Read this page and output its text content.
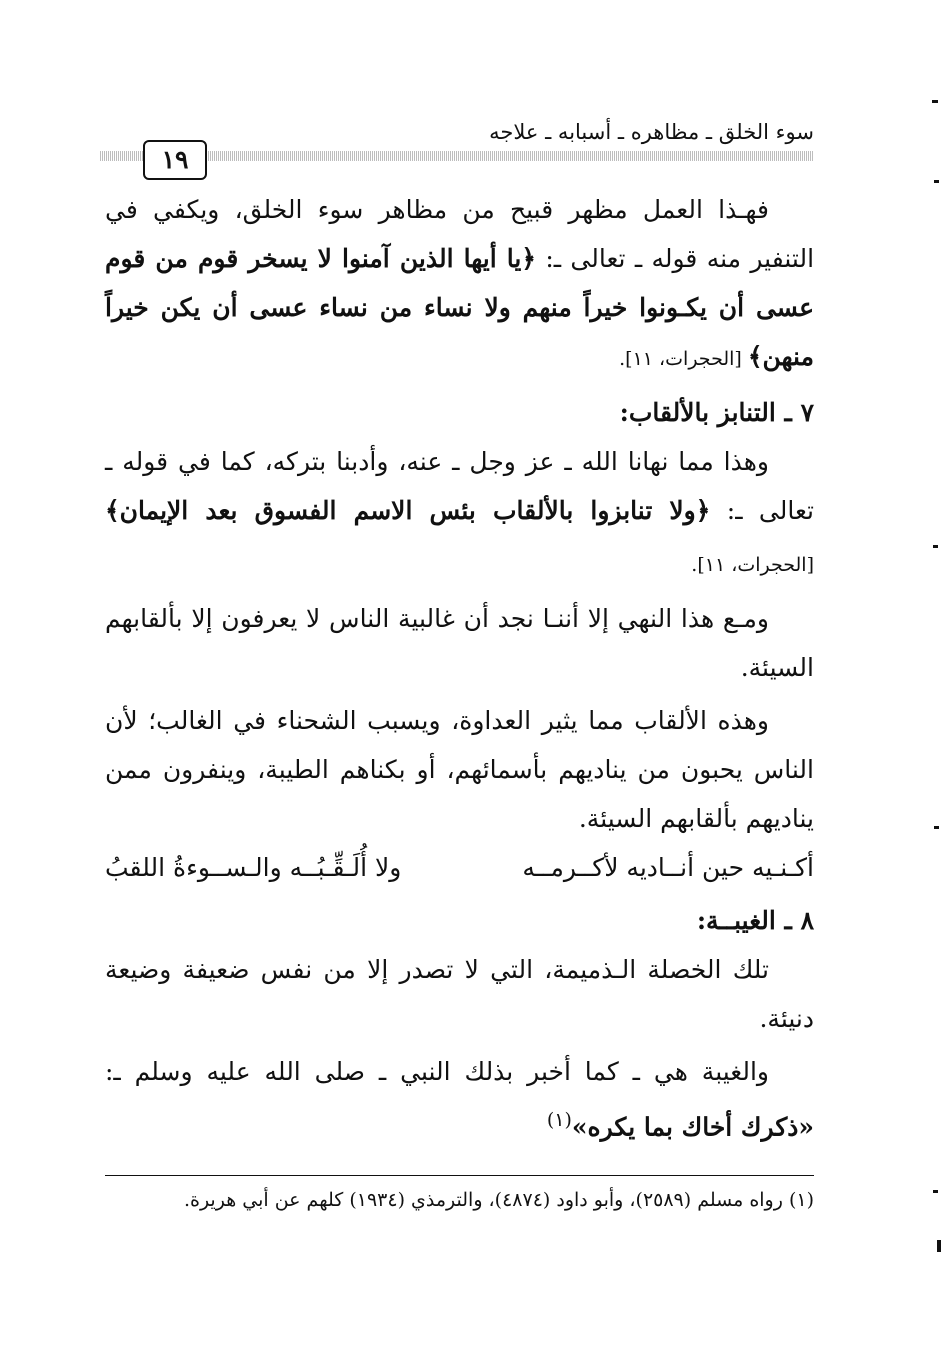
سوء الخلق ـ مظاهره ـ أسبابه ـ علاجه
١٩

فهـذا العمل مظهر قبيح من مظاهر سوء الخلق، ويكفي في التنفير منه قوله ـ تعالى ـ: ﴿يا أيها الذين آمنوا لا يسخر قوم من قوم عسى أن يكـونوا خيراً منهم ولا نساء من نساء عسى أن يكن خيراً منهن﴾ [الحجرات، ١١].

٧ ـ التنابز بالألقاب:

وهذا مما نهانا الله ـ عز وجل ـ عنه، وأدبنا بتركه، كما في قوله ـ تعالى ـ: ﴿ولا تنابزوا بالألقاب بئس الاسم الفسوق بعد الإيمان﴾ [الحجرات، ١١].

ومـع هذا النهي إلا أننـا نجد أن غالبية الناس لا يعرفون إلا بألقابهم السيئة.

وهذه الألقاب مما يثير العداوة، ويسبب الشحناء في الغالب؛ لأن الناس يحبون من يناديهم بأسمائهم، أو بكناهم الطيبة، وينفرون ممن يناديهم بألقابهم السيئة.

أكـنـيه حين أنــاديه لأكــرمــه
ولا أُلَـقِّـبُــه والـســوءةُ اللقبُ

٨ ـ الغيبــة:

تلك الخصلة الـذميمة، التي لا تصدر إلا من نفس ضعيفة وضيعة دنيئة.

والغيبة هي ـ كما أخبر بذلك النبي ـ صلى الله عليه وسلم ـ: «ذكرك أخاك بما يكره»$^{(١)}$

(١) رواه مسلم (٢٥٨٩)، وأبو داود (٤٨٧٤)، والترمذي (١٩٣٤) كلهم عن أبي هريرة.
